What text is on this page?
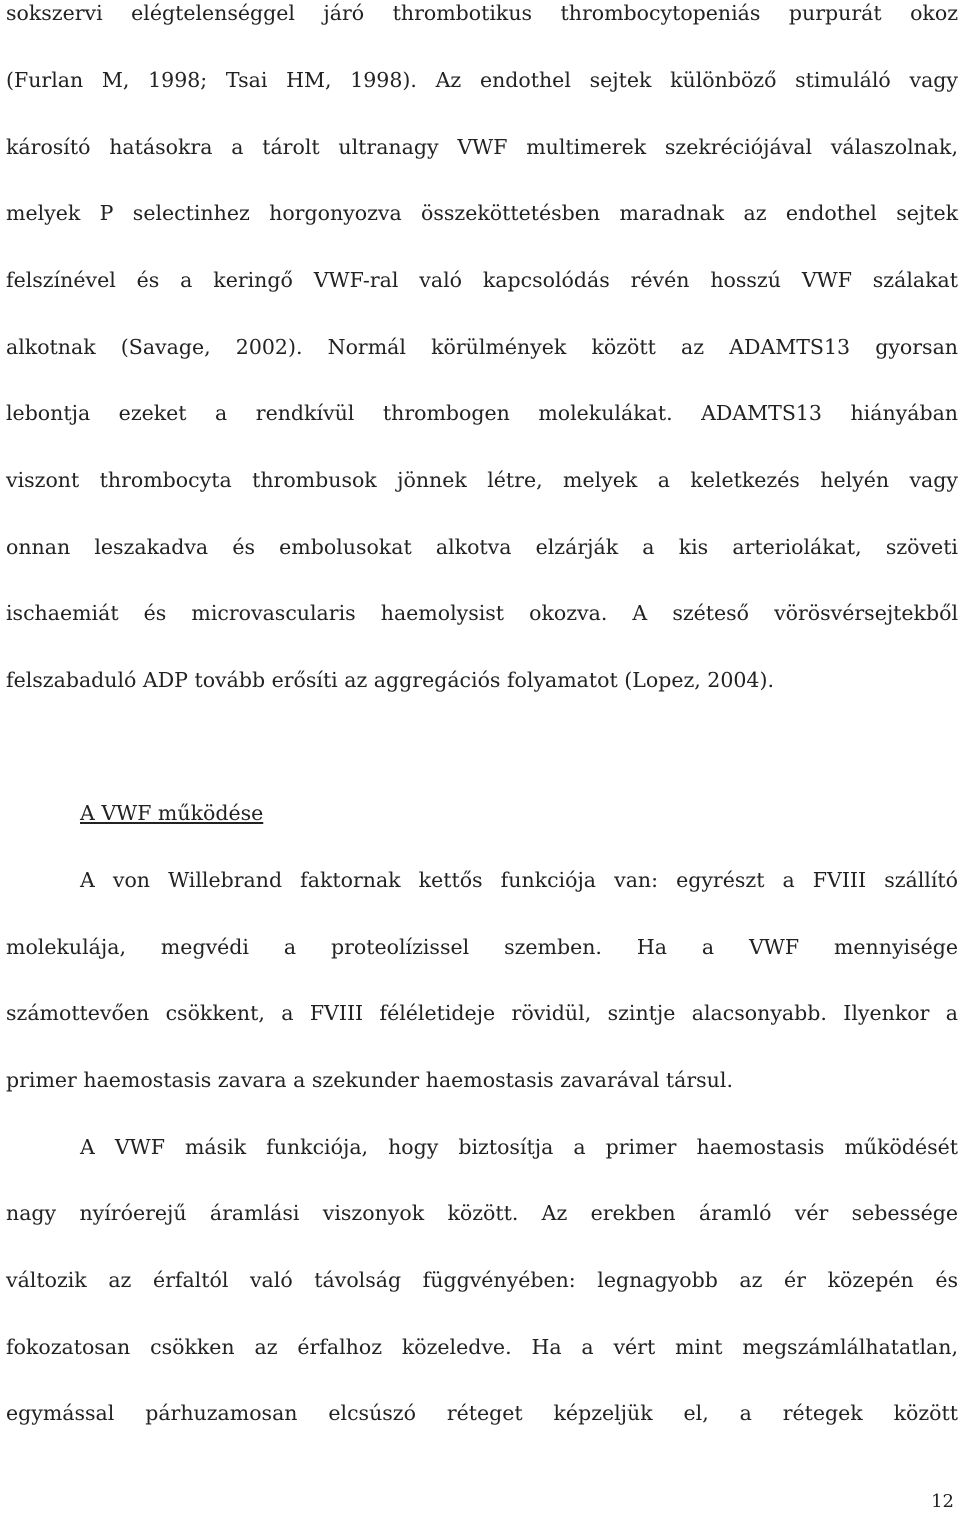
sokszervi elégtelenséggel járó thrombotikus thrombocytopeniás purpurát okoz
(Furlan M, 1998; Tsai HM, 1998). Az endothel sejtek különböző stimuláló vagy
károsító hatásokra a tárolt ultranagy VWF multimerek szekréciójával válaszolnak,
melyek P selectinhez horgonyozva összeköttetésben maradnak az endothel sejtek
felszínével és a keringő VWF-ral való kapcsolódás révén hosszú VWF szálakat
alkotnak (Savage, 2002). Normál körülmények között az ADAMTS13 gyorsan
lebontja ezeket a rendkívül thrombogen molekulákat. ADAMTS13 hiányában
viszont thrombocyta thrombusok jönnek létre, melyek a keletkezés helyén vagy
onnan leszakadva és embolusokat alkotva elzárják a kis arteriolákat, szöveti
ischaemiát és microvascularis haemolysist okozva. A széteső vörösvérsejtekből
felszabaduló ADP tovább erősíti az aggregációs folyamatot (Lopez, 2004).
A VWF működése
A von Willebrand faktornak kettős funkciója van: egyrészt a FVIII szállító
molekulája, megvédi a proteolízissel szemben. Ha a VWF mennyisége
számottevően csökkent, a FVIII féléletideje rövidül, szintje alacsonyabb. Ilyenkor a
primer haemostasis zavara a szekunder haemostasis zavarával társul.
A VWF másik funkciója, hogy biztosítja a primer haemostasis működését
nagy nyíróerejű áramlási viszonyok között. Az erekben áramló vér sebessége
változik az érfaltól való távolság függvényében: legnagyobb az ér közepén és
fokozatosan csökken az érfalhoz közeledve. Ha a vért mint megszámlálhatatlan,
egymással párhuzamosan elcsúszó réteget képzeljük el, a rétegek között
12
